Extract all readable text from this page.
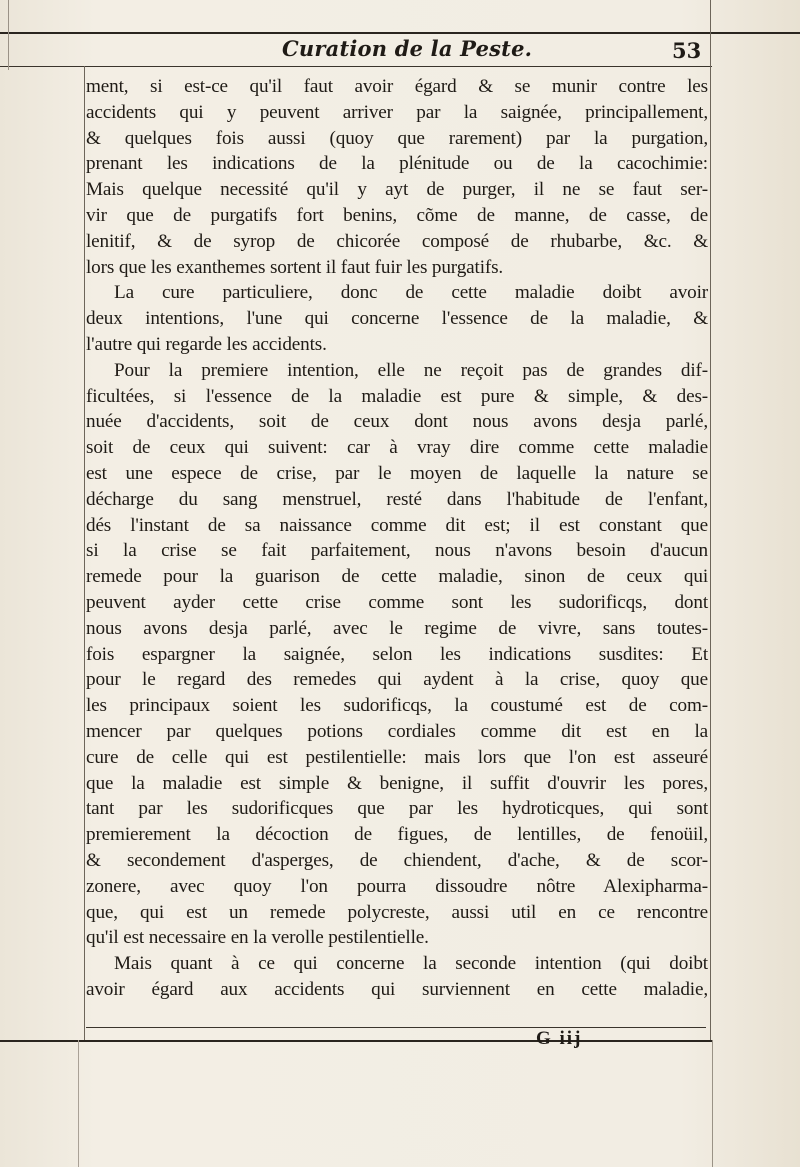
Curation de la Peste.	53
ment, si est-ce qu'il faut avoir égard & se munir contre les
accidents qui y peuvent arriver par la saignée, principallement,
& quelques fois aussi (quoy que rarement) par la purgation,
prenant les indications de la plénitude ou de la cacochimie:
Mais quelque necessité qu'il y ayt de purger, il ne se faut ser-
vir que de purgatifs fort benins, cõme de manne, de casse, de
lenitif, & de syrop de chicorée composé de rhubarbe, &c. &
lors que les exanthemes sortent il faut fuir les purgatifs.
La cure particuliere, donc de cette maladie doibt avoir
deux intentions, l'une qui concerne l'essence de la maladie, &
l'autre qui regarde les accidents.
Pour la premiere intention, elle ne reçoit pas de grandes dif-
ficultées, si l'essence de la maladie est pure & simple, & des-
nuée d'accidents, soit de ceux dont nous avons desja parlé,
soit de ceux qui suivent: car à vray dire comme cette maladie
est une espece de crise, par le moyen de laquelle la nature se
décharge du sang menstruel, resté dans l'habitude de l'enfant,
dés l'instant de sa naissance comme dit est; il est constant que
si la crise se fait parfaitement, nous n'avons besoin d'aucun
remede pour la guarison de cette maladie, sinon de ceux qui
peuvent ayder cette crise comme sont les sudorificqs, dont
nous avons desja parlé, avec le regime de vivre, sans toutes-
fois espargner la saignée, selon les indications susdites: Et
pour le regard des remedes qui aydent à la crise, quoy que
les principaux soient les sudorificqs, la coustumé est de com-
mencer par quelques potions cordiales comme dit est en la
cure de celle qui est pestilentielle: mais lors que l'on est asseuré
que la maladie est simple & benigne, il suffit d'ouvrir les pores,
tant par les sudorificques que par les hydroticques, qui sont
premierement la décoction de figues, de lentilles, de fenoüil,
& secondement d'asperges, de chiendent, d'ache, & de scor-
zonere, avec quoy l'on pourra dissoudre nôtre Alexipharma-
que, qui est un remede polycreste, aussi util en ce rencontre
qu'il est necessaire en la verolle pestilentielle.
Mais quant à ce qui concerne la seconde intention (qui doibt
avoir égard aux accidents qui surviennent en cette maladie,
G iij
